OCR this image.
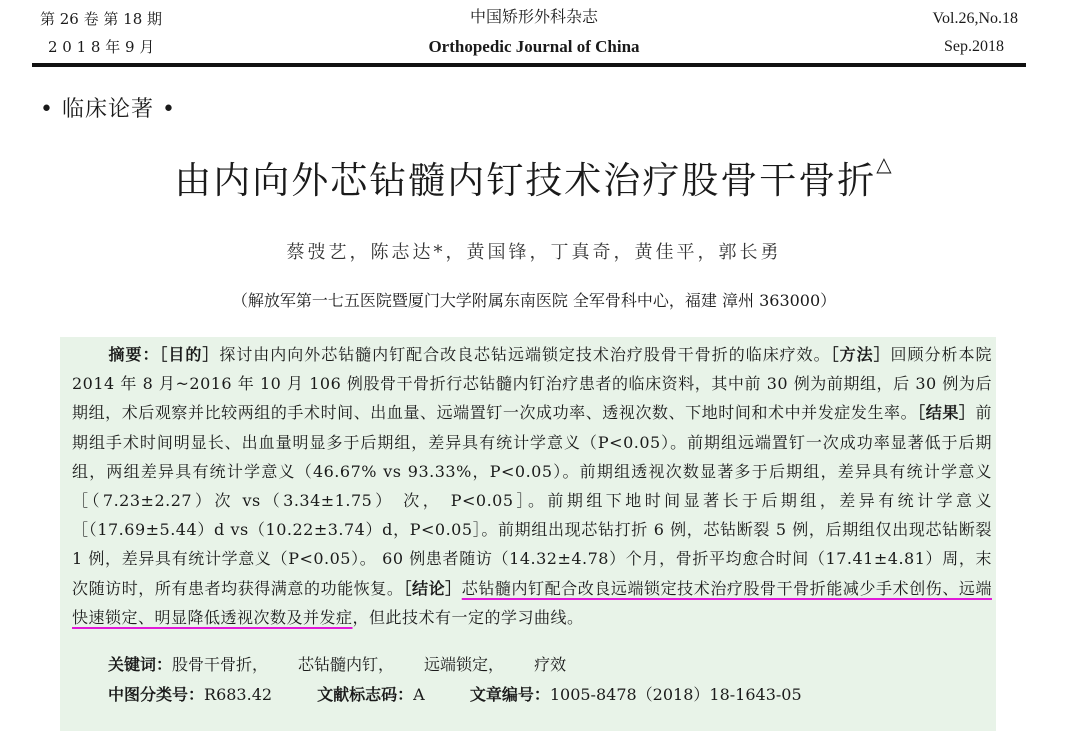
第 26 卷 第 18 期
2 0 1 8 年 9 月
中国矫形外科杂志
Orthopedic Journal of China
Vol.26,No.18
Sep.2018
• 临床论著 •
由内向外芯钻髓内钉技术治疗股骨干骨折△
蔡弢艺，陈志达*，黄国锋，丁真奇，黄佳平，郭长勇
（解放军第一七五医院暨厦门大学附属东南医院 全军骨科中心，福建 漳州 363000）
摘要：［目的］探讨由内向外芯钻髓内钉配合改良芯钻远端锁定技术治疗股骨干骨折的临床疗效。［方法］回顾分析本院 2014 年 8 月~2016 年 10 月 106 例股骨干骨折行芯钻髓内钉治疗患者的临床资料，其中前 30 例为前期组，后 30 例为后期组，术后观察并比较两组的手术时间、出血量、远端置钉一次成功率、透视次数、下地时间和术中并发症发生率。［结果］前期组手术时间明显长、出血量明显多于后期组，差异具有统计学意义（P<0.05）。前期组远端置钉一次成功率显著低于后期组，两组差异具有统计学意义（46.67% vs 93.33%，P<0.05）。前期组透视次数显著多于后期组，差异具有统计学意义［（7.23±2.27）次 vs（3.34±1.75） 次， P<0.05］。前期组下地时间显著长于后期组，差异有统计学意义［（17.69±5.44）d vs（10.22±3.74）d，P<0.05］。前期组出现芯钻打折 6 例，芯钻断裂 5 例，后期组仅出现芯钻断裂 1 例，差异具有统计学意义（P<0.05）。 60 例患者随访（14.32±4.78）个月，骨折平均愈合时间（17.41±4.81）周，末次随访时，所有患者均获得满意的功能恢复。［结论］芯钻髓内钉配合改良远端锁定技术治疗股骨干骨折能减少手术创伤、远端快速锁定、明显降低透视次数及并发症，但此技术有一定的学习曲线。
关键词：股骨干骨折， 芯钻髓内钉， 远端锁定， 疗效
中图分类号：R683.42	文献标志码：A	文章编号：1005-8478（2018）18-1643-05
